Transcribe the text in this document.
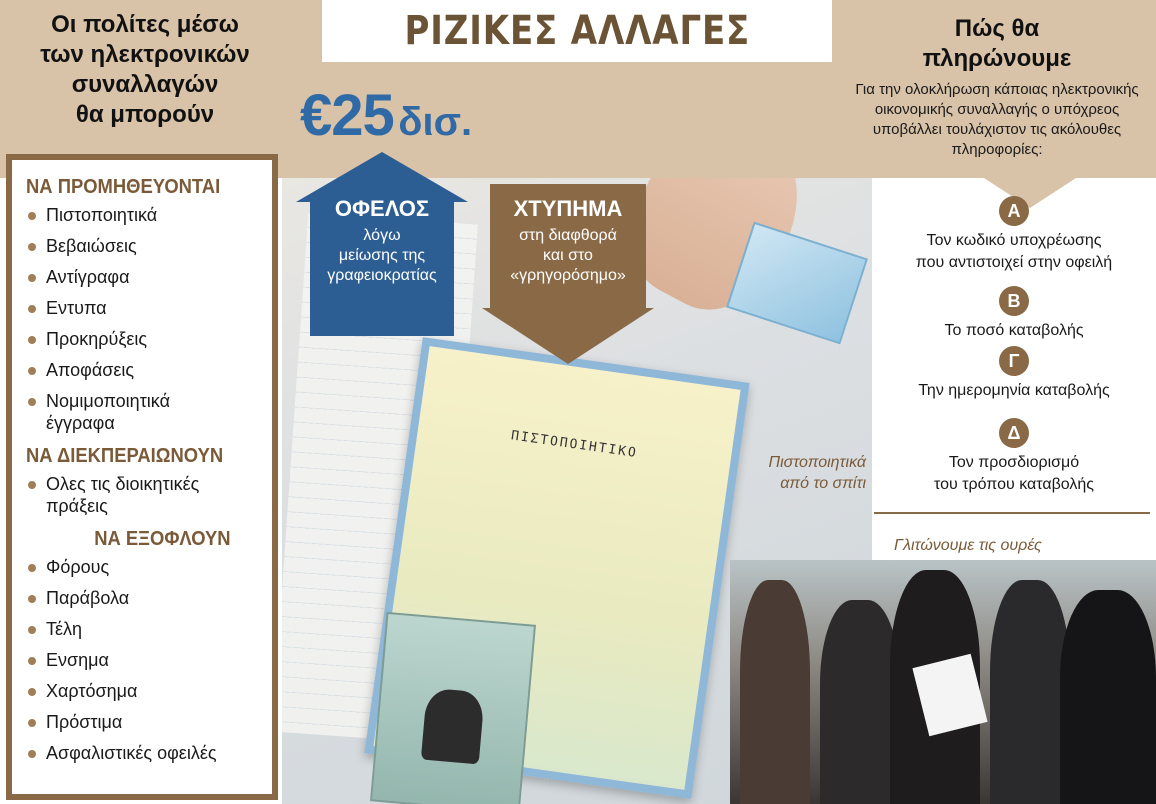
ΠΙΣΤΟΠΟΙΗΤΙΚΟ
ΡΙΖΙΚΕΣ ΑΛΛΑΓΕΣ
Οι πολίτες μέσω
των ηλεκτρονικών
συναλλαγών
θα μπορούν	€25 δισ.
Πώς θα
πληρώνουμε
Για την ολοκλήρωση κάποιας ηλεκτρονικής οικονομικής συναλλαγής ο υπόχρεος υποβάλλει τουλάχιστον τις ακόλουθες πληροφορίες:
ΝΑ ΠΡΟΜΗΘΕΥΟΝΤΑΙ
Πιστοποιητικά
Βεβαιώσεις
Αντίγραφα
Εντυπα
Προκηρύξεις
Αποφάσεις
Νομιμοποιητικά έγγραφα
ΝΑ ΔΙΕΚΠΕΡΑΙΩΝΟΥΝ
Ολες τις διοικητικές πράξεις
ΝΑ ΕΞΟΦΛΟΥΝ
Φόρους
Παράβολα
Τέλη
Ενσημα
Χαρτόσημα
Πρόστιμα
Ασφαλιστικές οφειλές
ΟΦΕΛΟΣ
λόγω
μείωσης της
γραφειοκρατίας
ΧΤΥΠΗΜΑ
στη διαφθορά
και στο
«γρηγορόσημο»
Α
Τον κωδικό υποχρέωσης
που αντιστοιχεί στην οφειλή
Β
Το ποσό καταβολής
Γ
Την ημερομηνία καταβολής
Δ
Τον προσδιορισμό
του τρόπου καταβολής
Πιστοποιητικά
από το σπίτι
Γλιτώνουμε τις ουρές
